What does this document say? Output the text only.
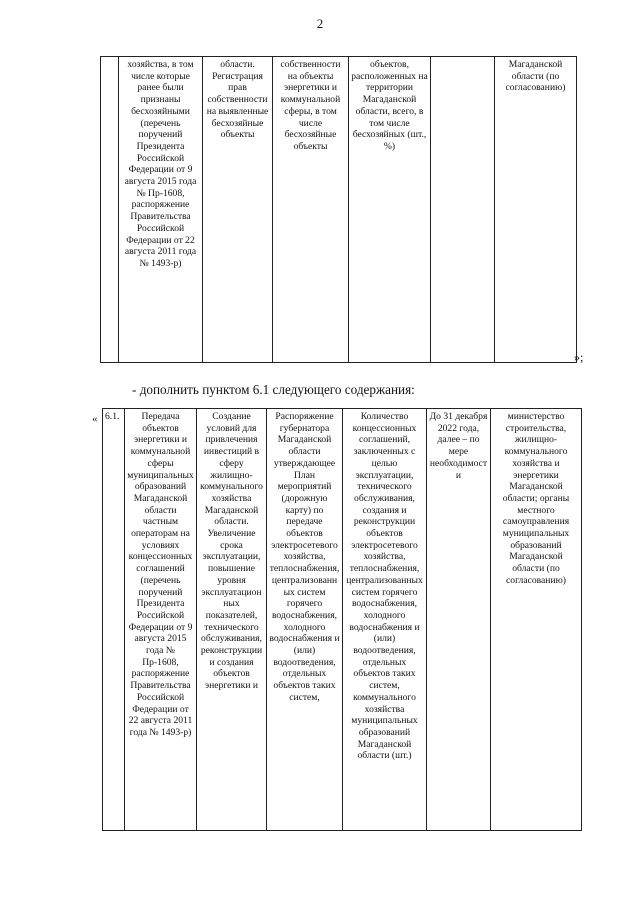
2
	хозяйства, в том числе которые ранее были признаны бесхозяйными (перечень поручений Президента Российской Федерации от 9 августа 2015 года № Пр-1608, распоряжение Правительства Российской Федерации от 22 августа 2011 года № 1493-р)	области. Регистрация прав собственности на выявленные бесхозяйные объекты	собственности на объекты энергетики и коммунальной сферы, в том числе бесхозяйные объекты	объектов, расположенных на территории Магаданской области, всего, в том числе бесхозяйных (шт., %)		Магаданской области (по согласованию)
»;
- дополнить пунктом 6.1 следующего содержания:
« 6.1.	Передача объектов энергетики и коммунальной сферы муниципальных образований Магаданской области частным операторам на условиях концессионных соглашений (перечень поручений Президента Российской Федерации от 9 августа 2015 года № Пр-1608, распоряжение Правительства Российской Федерации от 22 августа 2011 года № 1493-р)	Создание условий для привлечения инвестиций в сферу жилищно-коммунального хозяйства Магаданской области. Увеличение срока эксплуатации, повышение уровня эксплуатационных показателей, технического обслуживания, реконструкции и создания объектов энергетики и	Распоряжение губернатора Магаданской области утверждающее План мероприятий (дорожную карту) по передаче объектов электросетевого хозяйства, теплоснабжения, централизованных систем горячего водоснабжения, холодного водоснабжения и (или) водоотведения, отдельных объектов таких систем,	Количество концессионных соглашений, заключенных с целью эксплуатации, технического обслуживания, создания и реконструкции объектов электросетевого хозяйства, теплоснабжения, централизованных систем горячего водоснабжения, холодного водоснабжения и (или) водоотведения, отдельных объектов таких систем, коммунального хозяйства муниципальных образований Магаданской области (шт.)	До 31 декабря 2022 года, далее – по мере необходимости	министерство строительства, жилищно-коммунального хозяйства и энергетики Магаданской области; органы местного самоуправления муниципальных образований Магаданской области (по согласованию)
